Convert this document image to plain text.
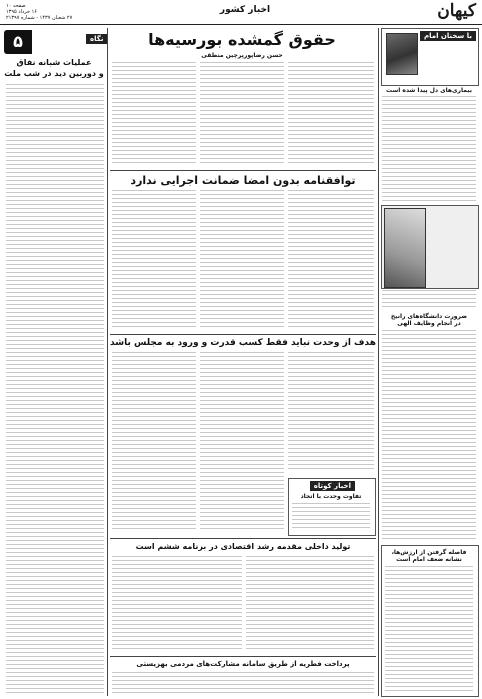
کیهان
اخبار کشور
صفحه ۱۰
۱۶ خرداد ۱۳۹۵
۲۷ شعبان ۱۴۳۷ - شماره ۲۱۳۹۷
با سخنان امام
بیماری‌های دل پیدا شده است
ضرورت دانشگاه‌های رانیخ
در انجام وظایف الهی
فاصله گرفتن از ارزش‌ها، نشانه ضعف امام است
حقوق گمشده بورسیه‌ها
حسن رضاپورپرچین منطقی
توافقنامه بدون امضا ضمانت اجرایی ندارد
هدف از وحدت نباید فقط کسب قدرت و ورود به مجلس باشد
اخبار کوتاه
تفاوت وحدت با اتحاد
تولید داخلی مقدمه رشد اقتصادی در برنامه ششم است
پرداخت فطریه از طریق سامانه مشارکت‌های مردمی بهزیستی
۵	نگاه
عملیات شبانه نفاق
و دوربین دید در شب ملت
